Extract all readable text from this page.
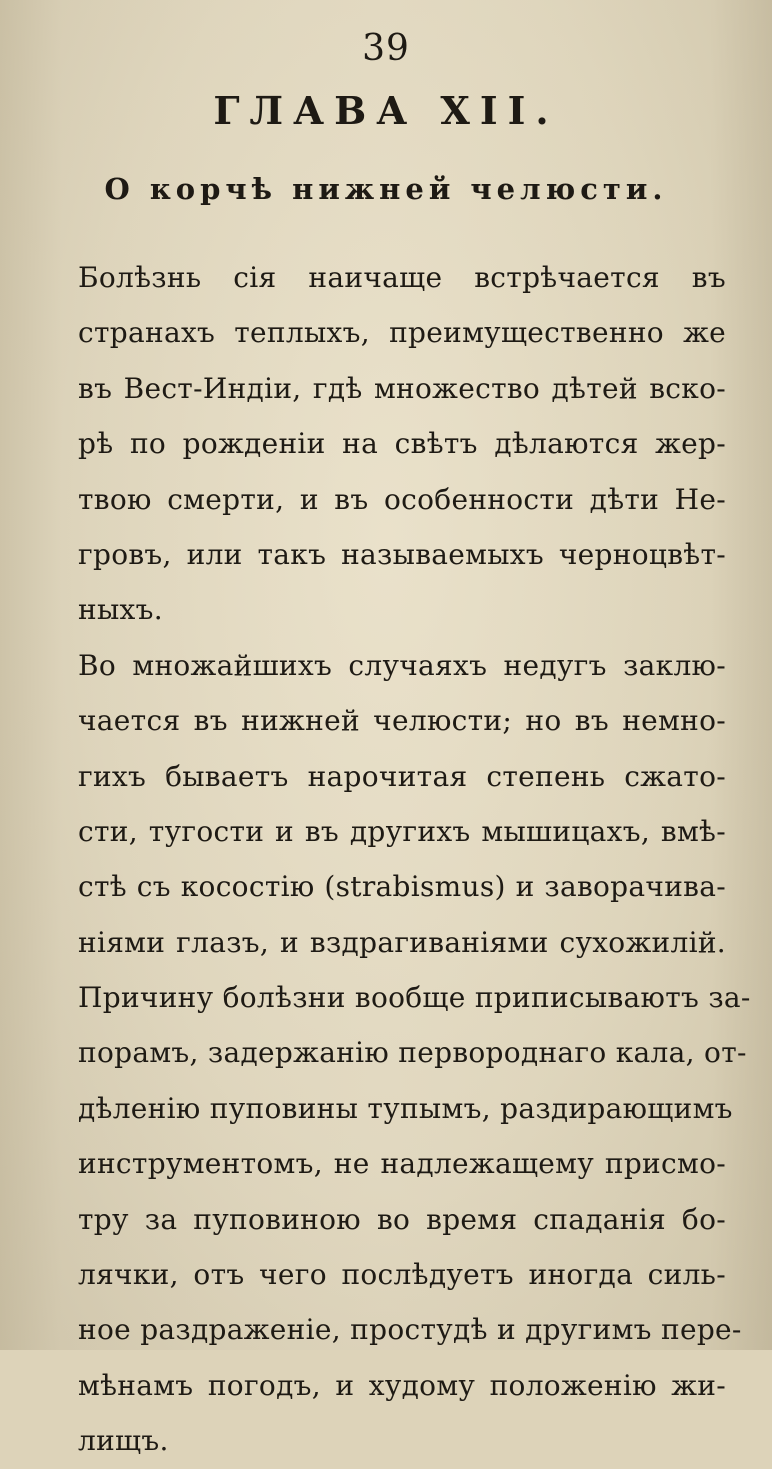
39
ГЛАВА XII.
О корчѣ нижней челюсти.
Болѣзнь сія наичаще встрѣчается въ
странахъ теплыхъ, преимущественно же
въ Вест-Индіи, гдѣ множество дѣтей вско-
рѣ по рожденіи на свѣтъ дѣлаются жер-
твою смерти, и въ особенности дѣти Не-
гровъ, или такъ называемыхъ черноцвѣт-
ныхъ.
Во множайшихъ случаяхъ недугъ заклю-
чается въ нижней челюсти; но въ немно-
гихъ бываетъ нарочитая степень сжато-
сти, тугости и въ другихъ мышицахъ, вмѣ-
стѣ съ косостію (strabismus) и заворачива-
ніями глазъ, и вздрагиваніями сухожилій.
Причину болѣзни вообще приписываютъ за-
порамъ, задержанію первороднаго кала, от-
дѣленію пуповины тупымъ, раздирающимъ
инструментомъ, не надлежащему присмо-
тру за пуповиною во время спаданія бо-
лячки, отъ чего послѣдуетъ иногда силь-
ное раздраженіе, простудѣ и другимъ пере-
мѣнамъ погодъ, и худому положенію жи-
лищъ.
